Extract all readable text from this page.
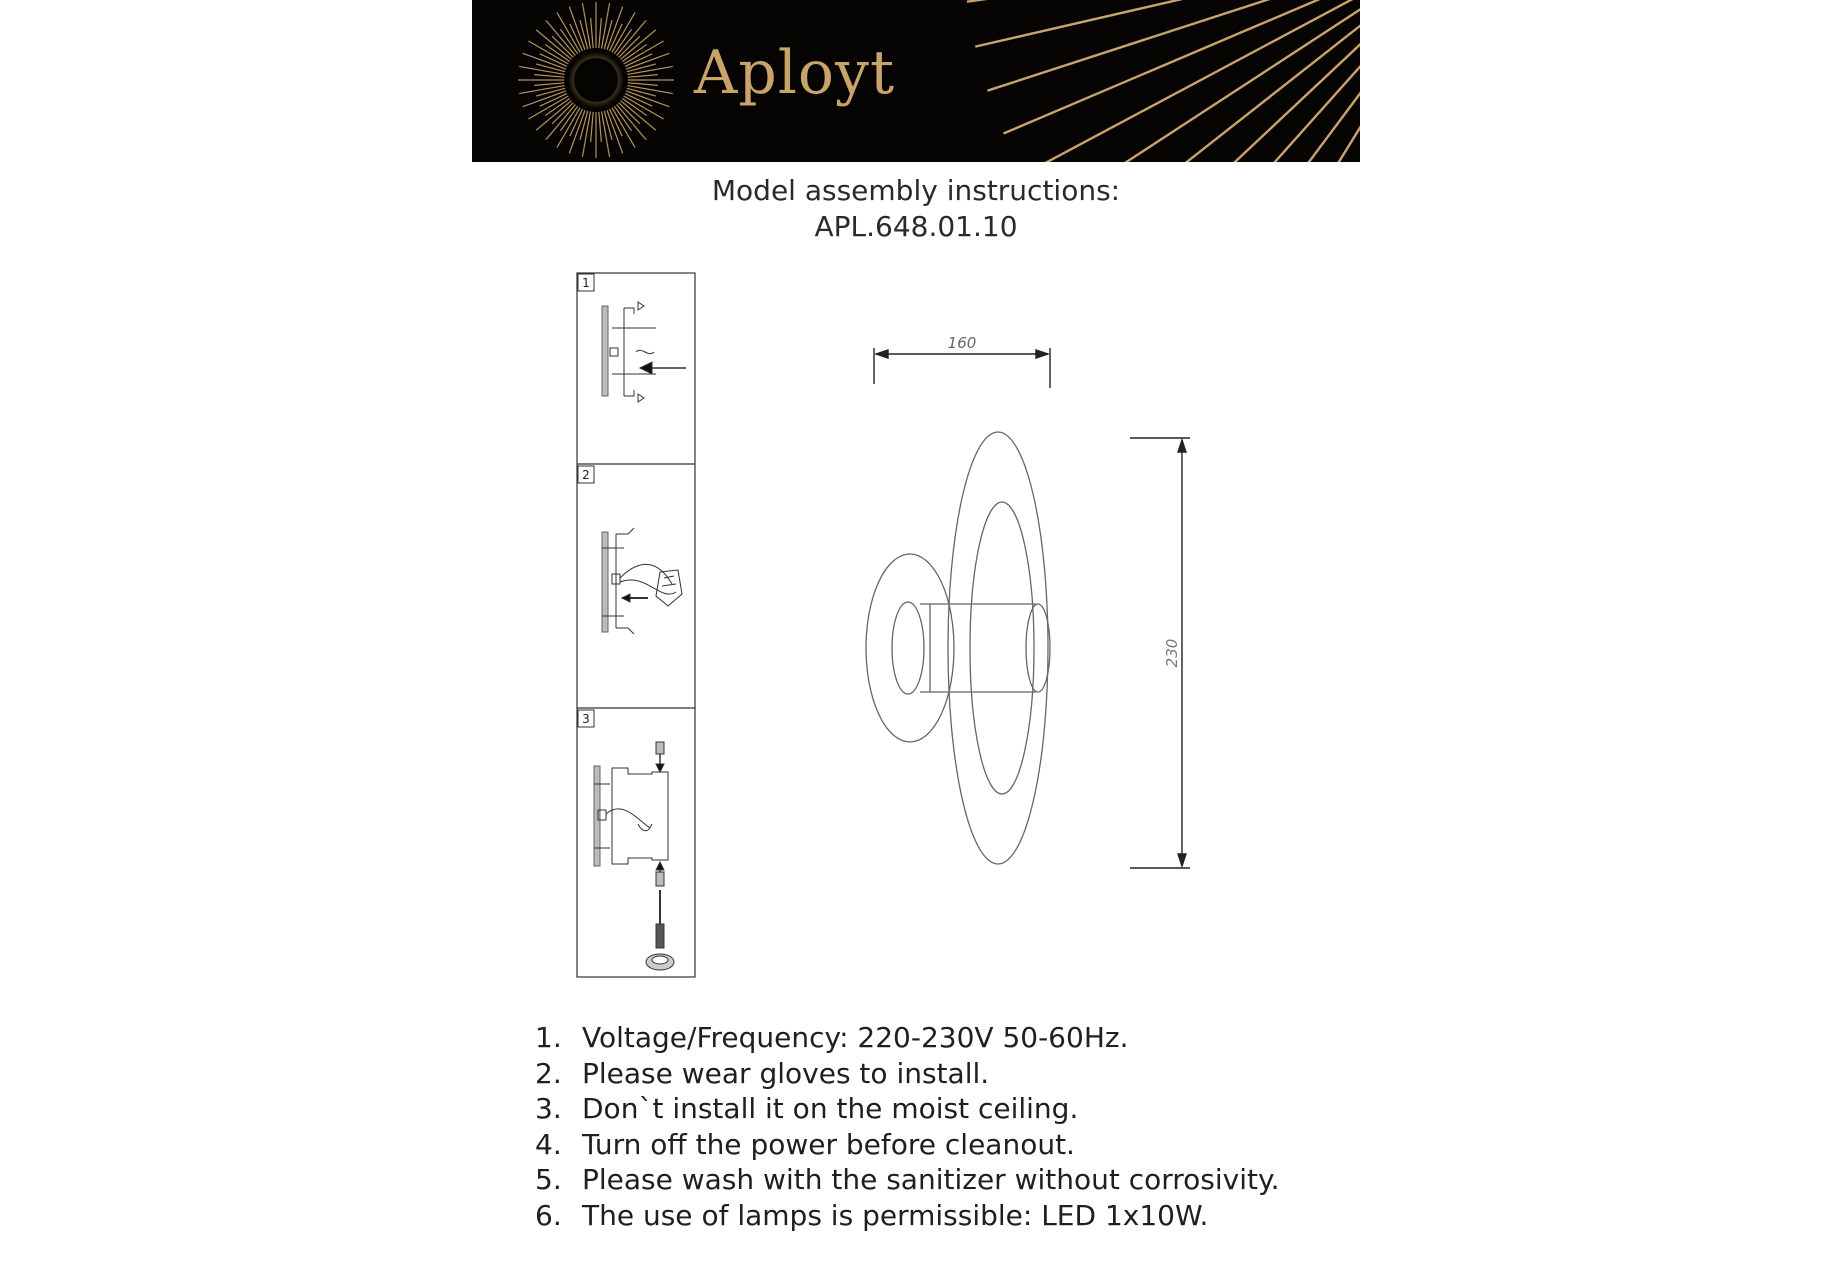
Aployt
Model assembly instructions:
APL.648.01.10
1
2
3
160
230
1. Voltage/Frequency: 220-230V 50-60Hz.
2. Please wear gloves to install.
3. Don`t install it on the moist ceiling.
4. Turn off the power before cleanout.
5. Please wash with the sanitizer without corrosivity.
6. The use of lamps is permissible: LED 1x10W.
